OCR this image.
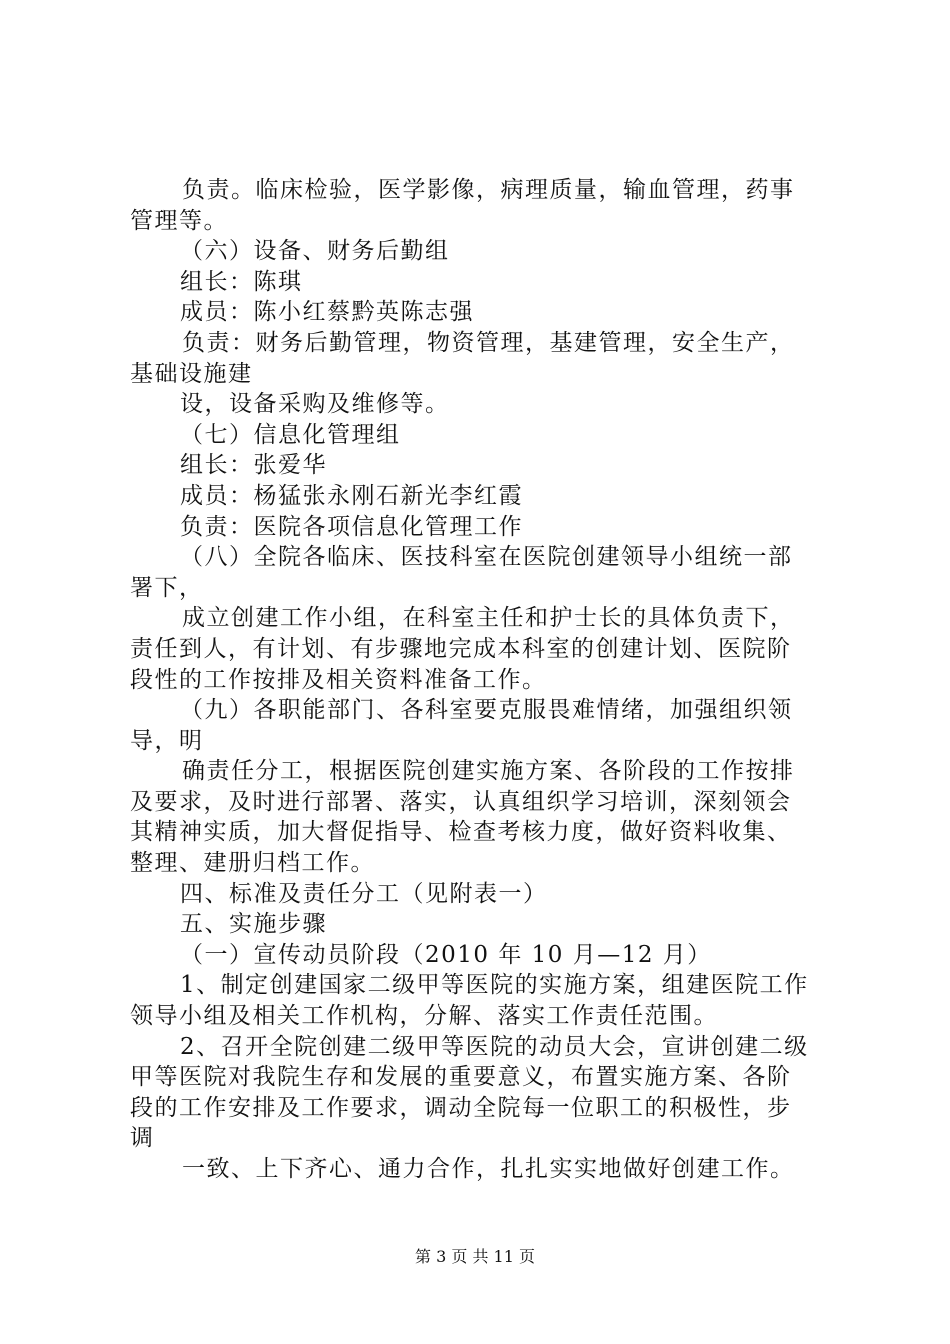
负责。临床检验，医学影像，病理质量，输血管理，药事
管理等。
（六）设备、财务后勤组
组长：陈琪
成员：陈小红蔡黔英陈志强
负责：财务后勤管理，物资管理，基建管理，安全生产，
基础设施建
设，设备采购及维修等。
（七）信息化管理组
组长：张爱华
成员：杨猛张永刚石新光李红霞
负责：医院各项信息化管理工作
（八）全院各临床、医技科室在医院创建领导小组统一部
署下，
成立创建工作小组，在科室主任和护士长的具体负责下，
责任到人，有计划、有步骤地完成本科室的创建计划、医院阶
段性的工作按排及相关资料准备工作。
（九）各职能部门、各科室要克服畏难情绪，加强组织领
导，明
确责任分工，根据医院创建实施方案、各阶段的工作按排
及要求，及时进行部署、落实，认真组织学习培训，深刻领会
其精神实质，加大督促指导、检查考核力度，做好资料收集、
整理、建册归档工作。
四、标准及责任分工（见附表一）
五、实施步骤
（一）宣传动员阶段（2010 年 10 月—12 月）
1、制定创建国家二级甲等医院的实施方案，组建医院工作
领导小组及相关工作机构，分解、落实工作责任范围。
2、召开全院创建二级甲等医院的动员大会，宣讲创建二级
甲等医院对我院生存和发展的重要意义，布置实施方案、各阶
段的工作安排及工作要求，调动全院每一位职工的积极性，步
调
一致、上下齐心、通力合作，扎扎实实地做好创建工作。
第 3 页 共 11 页
